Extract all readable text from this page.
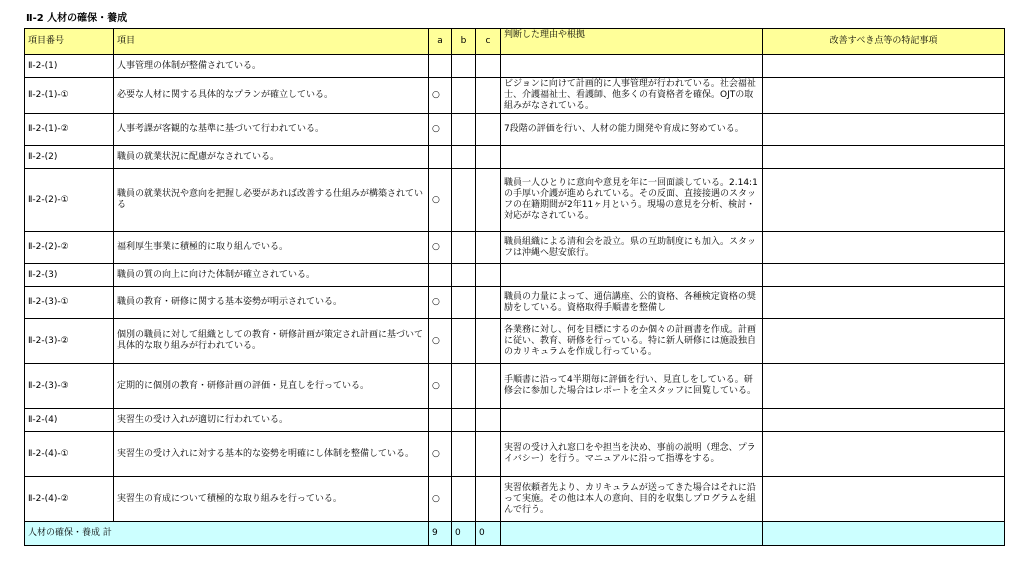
Ⅱ-2 人材の確保・養成
項目番号	項目	a	b	c	判断した理由や根拠	改善すべき点等の特記事項
Ⅱ-2-(1)	人事管理の体制が整備されている。					
Ⅱ-2-(1)-①	必要な人材に関する具体的なプランが確立している。	○			ビジョンに向けて計画的に人事管理が行われている。社会福祉士、介護福祉士、看護師、他多くの有資格者を確保。OJTの取組みがなされている。	
Ⅱ-2-(1)-②	人事考課が客観的な基準に基づいて行われている。	○			7段階の評価を行い、人材の能力開発や育成に努めている。	
Ⅱ-2-(2)	職員の就業状況に配慮がなされている。					
Ⅱ-2-(2)-①	職員の就業状況や意向を把握し必要があれば改善する仕組みが構築されている	○			職員一人ひとりに意向や意見を年に一回面談している。2.14:1の手厚い介護が進められている。その反面、直接接遇のスタッフの在籍期間が2年11ヶ月という。現場の意見を分析、検討・対応がなされている。	
Ⅱ-2-(2)-②	福利厚生事業に積極的に取り組んでいる。	○			職員組織による清和会を設立。県の互助制度にも加入。スタッフは沖縄へ慰安旅行。	
Ⅱ-2-(3)	職員の質の向上に向けた体制が確立されている。					
Ⅱ-2-(3)-①	職員の教育・研修に関する基本姿勢が明示されている。	○			職員の力量によって、通信講座、公的資格、各種検定資格の奨励をしている。資格取得手順書を整備し	
Ⅱ-2-(3)-②	個別の職員に対して組織としての教育・研修計画が策定され計画に基づいて具体的な取り組みが行われている。	○			各業務に対し、何を目標にするのか個々の計画書を作成。計画に従い、教育、研修を行っている。特に新人研修には施設独自のカリキュラムを作成し行っている。	
Ⅱ-2-(3)-③	定期的に個別の教育・研修計画の評価・見直しを行っている。	○			手順書に沿って4半期毎に評価を行い、見直しをしている。研修会に参加した場合はレポートを全スタッフに回覧している。	
Ⅱ-2-(4)	実習生の受け入れが適切に行われている。					
Ⅱ-2-(4)-①	実習生の受け入れに対する基本的な姿勢を明確にし体制を整備している。	○			実習の受け入れ窓口をや担当を決め、事前の説明（理念、プライバシー）を行う。マニュアルに沿って指導をする。	
Ⅱ-2-(4)-②	実習生の育成について積極的な取り組みを行っている。	○			実習依頼者先より、カリキュラムが送ってきた場合はそれに沿って実施。その他は本人の意向、目的を収集しプログラムを組んで行う。	
人材の確保・養成 計		9	0	0		
